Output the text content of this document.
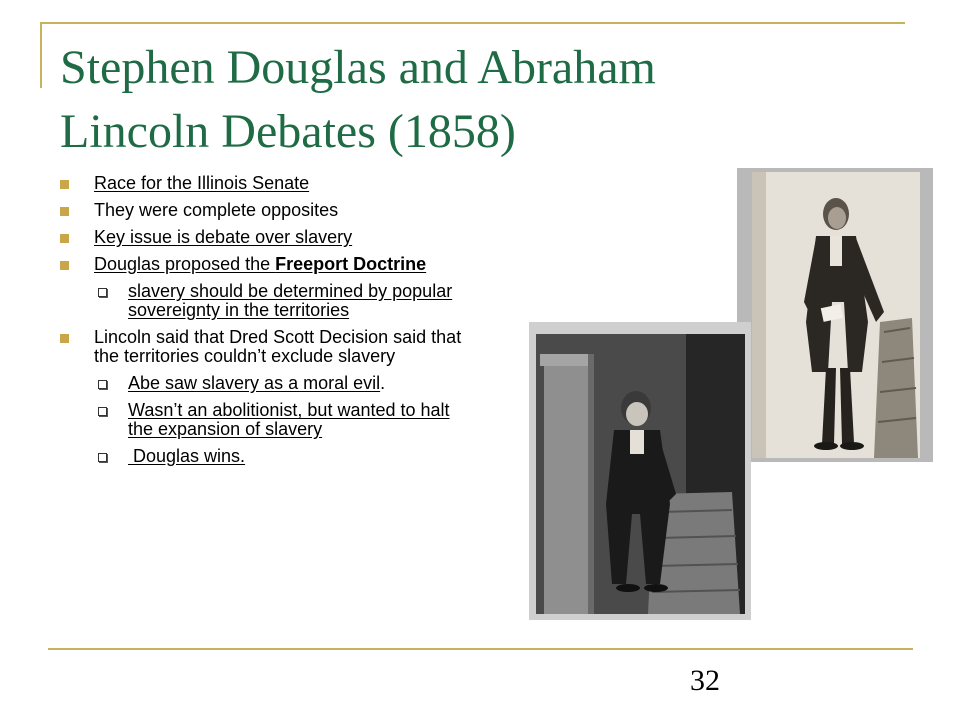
Stephen Douglas and Abraham Lincoln Debates (1858)
Race for the Illinois Senate
They were complete opposites
Key issue is debate over slavery
Douglas proposed the Freeport Doctrine
slavery should be determined by popular sovereignty in the territories
Lincoln said that Dred Scott Decision said that the territories couldn’t exclude slavery
Abe saw slavery as a moral evil.
Wasn’t an abolitionist, but wanted to halt the expansion of slavery
Douglas wins.
32
